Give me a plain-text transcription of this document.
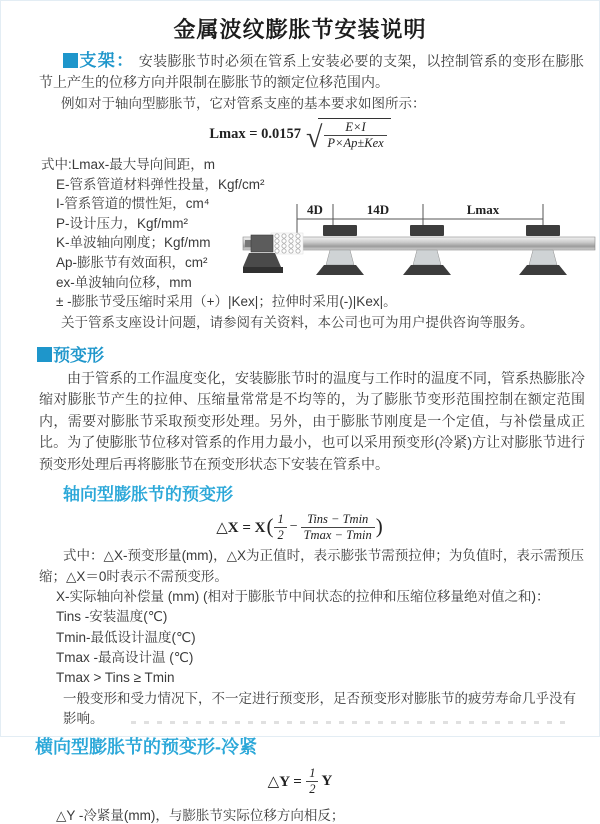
金属波纹膨胀节安装说明
支架： 安装膨胀节时必须在管系上安装必要的支架，以控制管系的变形在膨胀节上产生的位移方向并限制在膨胀节的额定位移范围内。
例如对于轴向型膨胀节，它对管系支座的基本要求如图所示：
Lmax = 0.0157 √ $\frac{E\times I}{\text{P×Ap±Kex}}$
式中:Lmax-最大导向间距，m
E-管系管道材料弹性投量，Kgf/cm²
I-管系管道的惯性矩，cm⁴
P-设计压力，Kgf/mm²
K-单波轴向刚度；Kgf/mm
Ap-膨胀节有效面积，cm²
ex-单波轴向位移，mm
± -膨胀节受压缩时采用（+）|Kex|；拉伸时采用(-)|Kex|。
关于管系支座设计问题，请参阅有关资料，本公司也可为用户提供咨询等服务。
4D	14D	Lmax
预变形
由于管系的工作温度变化，安装膨胀节时的温度与工作时的温度不同，管系热膨胀冷缩对膨胀节产生的拉伸、压缩量常常是不均等的，为了膨胀节变形范围控制在额定范围内，需要对膨胀节采取预变形处理。另外，由于膨胀节刚度是一个定值，与补偿量成正比。为了使膨胀节位移对管系的作用力最小，也可以采用预变形(冷紧)方让对膨胀节进行预变形处理后再将膨胀节在预变形状态下安装在管系中。
轴向型膨胀节的预变形
△X = X ( $\frac{1}{2} - \frac{\text{Tins − Tmin}}{Tmax - Tmin}$ )
式中：△X-预变形量(mm)，△X为正值时，表示膨张节需预拉伸；为负值时，表示需预压缩；△X＝0时表示不需预变形。
X-实际轴向补偿量 (mm) (相对于膨胀节中间状态的拉伸和压缩位移量绝对值之和)：
Tins -安装温度(℃)
Tmin-最低设计温度(℃)
Tmax -最高设计温 (℃)
Tmax > Tins ≥ Tmin
一般变形和受力情况下，不一定进行预变形，足否预变形对膨胀节的疲劳寿命几乎没有影响。
横向型膨胀节的预变形-冷紧
△Y =
$\frac{1}{2}$ Y
△Y -冷紧量(mm)，与膨胀节实际位移方向相反；
